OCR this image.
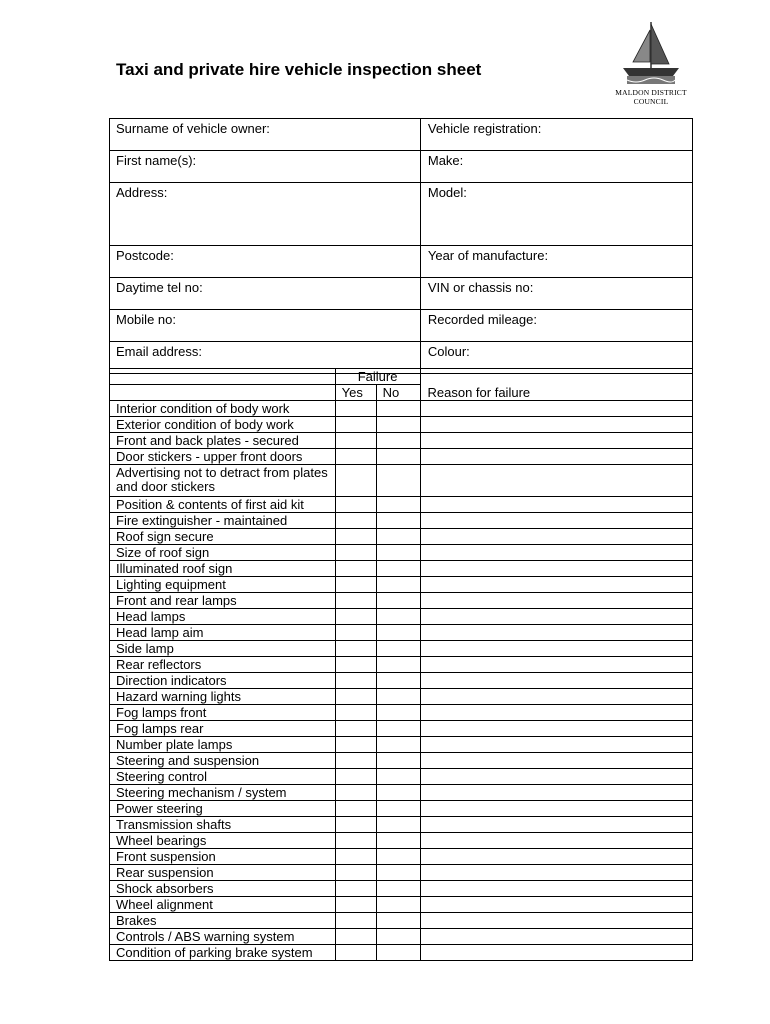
Taxi and private hire vehicle inspection sheet
MALDON DISTRICT
COUNCIL
Surname of vehicle owner:	Vehicle registration:
First name(s):	Make:
Address:	Model:
Postcode:	Year of manufacture:
Daytime tel no:	VIN or chassis no:
Mobile no:	Recorded mileage:
Email address:	Colour:
	Failure		
	Yes	No	Reason for failure
Interior condition of body work			
Exterior condition of body work			
Front and back plates - secured			
Door stickers - upper front doors			
Advertising not to detract from plates and door stickers			
Position & contents of first aid kit			
Fire extinguisher - maintained			
Roof sign secure			
Size of roof sign			
Illuminated roof sign			
Lighting equipment			
Front and rear lamps			
Head lamps			
Head lamp aim			
Side lamp			
Rear reflectors			
Direction indicators			
Hazard warning lights			
Fog lamps front			
Fog lamps rear			
Number plate lamps			
Steering and suspension			
Steering control			
Steering mechanism / system			
Power steering			
Transmission shafts			
Wheel bearings			
Front suspension			
Rear suspension			
Shock absorbers			
Wheel alignment			
Brakes			
Controls / ABS warning system			
Condition of parking brake system			
